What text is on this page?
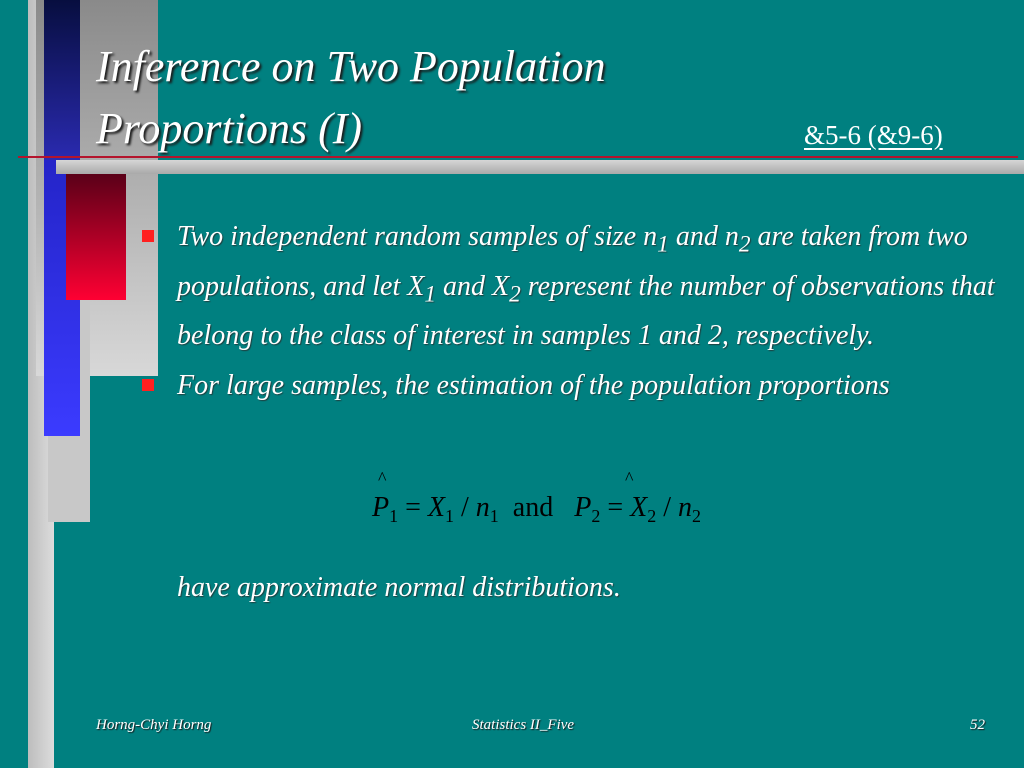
Inference on Two Population Proportions (I)	&5-6 (&9-6)
Two independent random samples of size $n_1$ and $n_2$ are taken from two populations, and let $X_1$ and $X_2$ represent the number of observations that belong to the class of interest in samples 1 and 2, respectively.
For large samples, the estimation of the population proportions
^	^
$P_1 = X_1 / n_1$ and $P_2 = X_2 / n_2$
have approximate normal distributions.
Horng-Chyi Horng	Statistics II_Five	52
